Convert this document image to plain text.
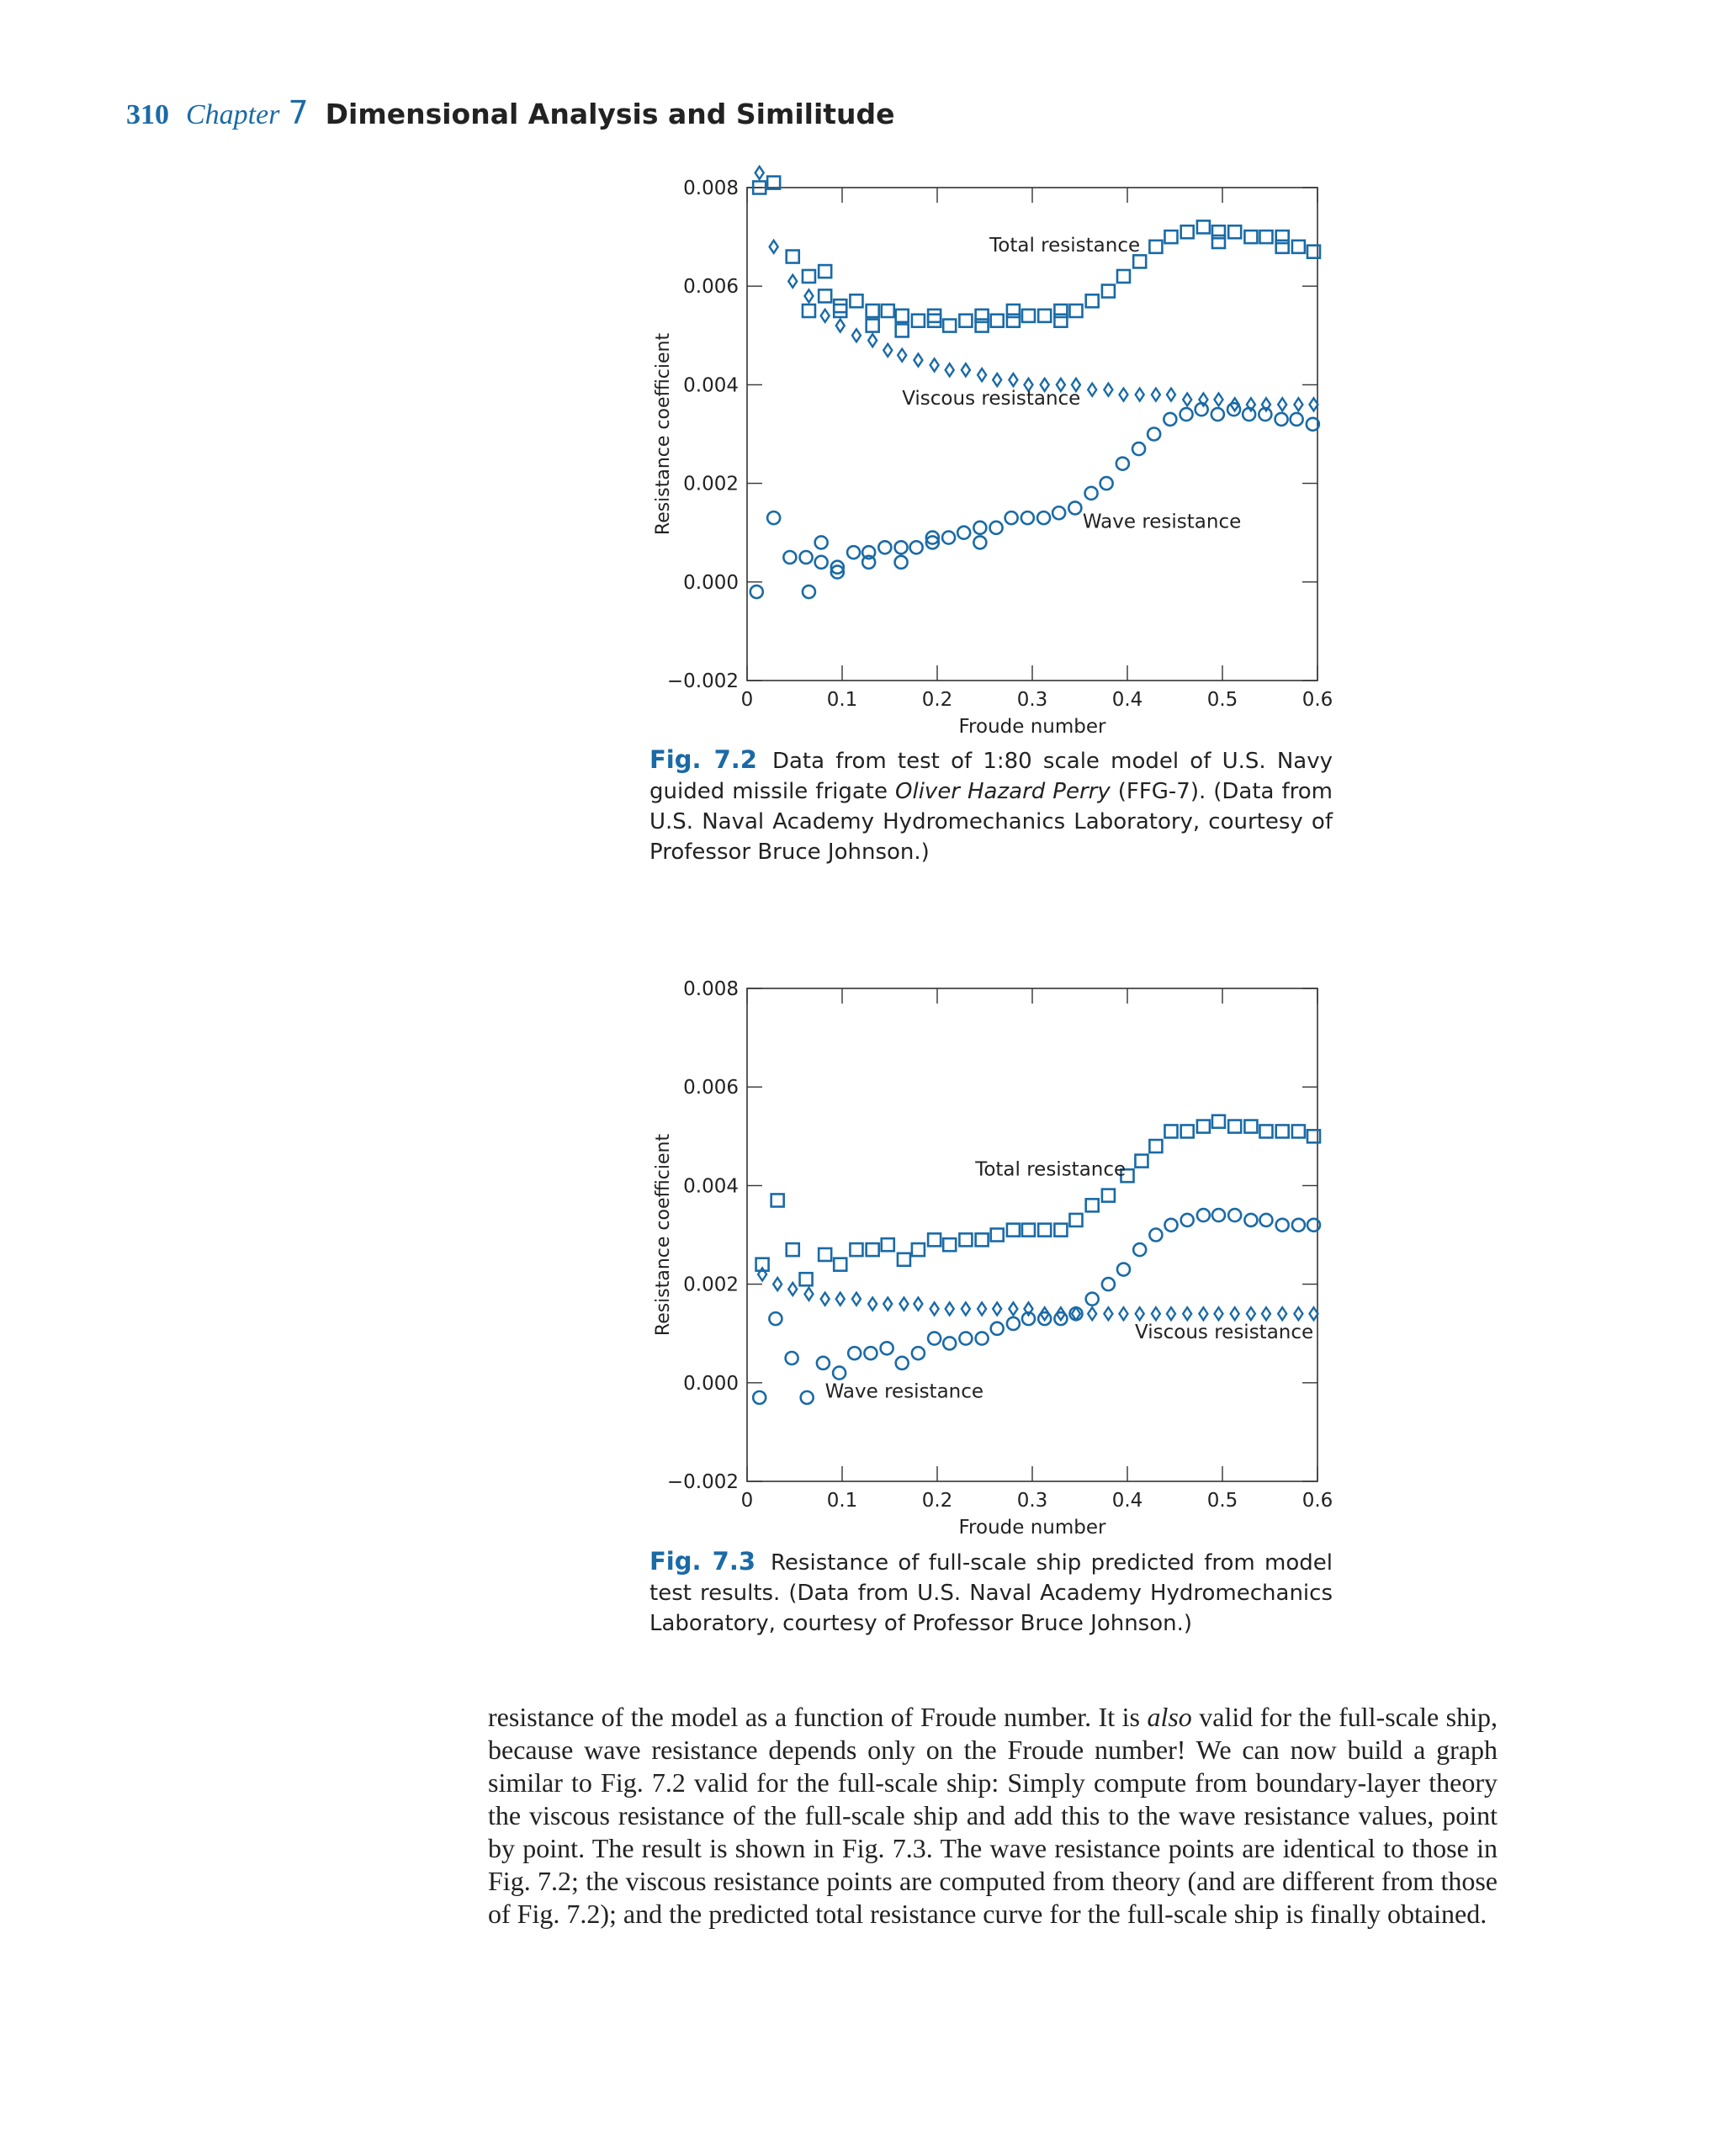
310 Chapter 7 Dimensional Analysis and Similitude
0	0.1	0.2	0.3	0.4	0.5	0.6
−0.002
0.000
0.002
0.004
0.006
0.008
Froude number
Resistance coefficient
Total resistance
Viscous resistance
Wave resistance
Fig. 7.2 Data from test of 1:80 scale model of U.S. Navy guided missile frigate Oliver Hazard Perry (FFG-7). (Data from U.S. Naval Academy Hydromechanics Laboratory, courtesy of Professor Bruce Johnson.)
0	0.1	0.2	0.3	0.4	0.5	0.6
−0.002
0.000
0.002
0.004
0.006
0.008
Froude number
Resistance coefficient	Total resistance
Viscous resistance
Wave resistance
Fig. 7.3 Resistance of full-scale ship predicted from model test results. (Data from U.S. Naval Academy Hydromechanics Laboratory, courtesy of Professor Bruce Johnson.)

resistance of the model as a function of Froude number. It is also valid for the full-scale ship, because wave resistance depends only on the Froude number! We can now build a graph similar to Fig. 7.2 valid for the full-scale ship: Simply compute from boundary-layer theory the viscous resistance of the full-scale ship and add this to the wave resistance values, point by point. The result is shown in Fig. 7.3. The wave resistance points are identical to those in Fig. 7.2; the viscous resistance points are computed from theory (and are different from those of Fig. 7.2); and the predicted total resistance curve for the full-scale ship is finally obtained.
